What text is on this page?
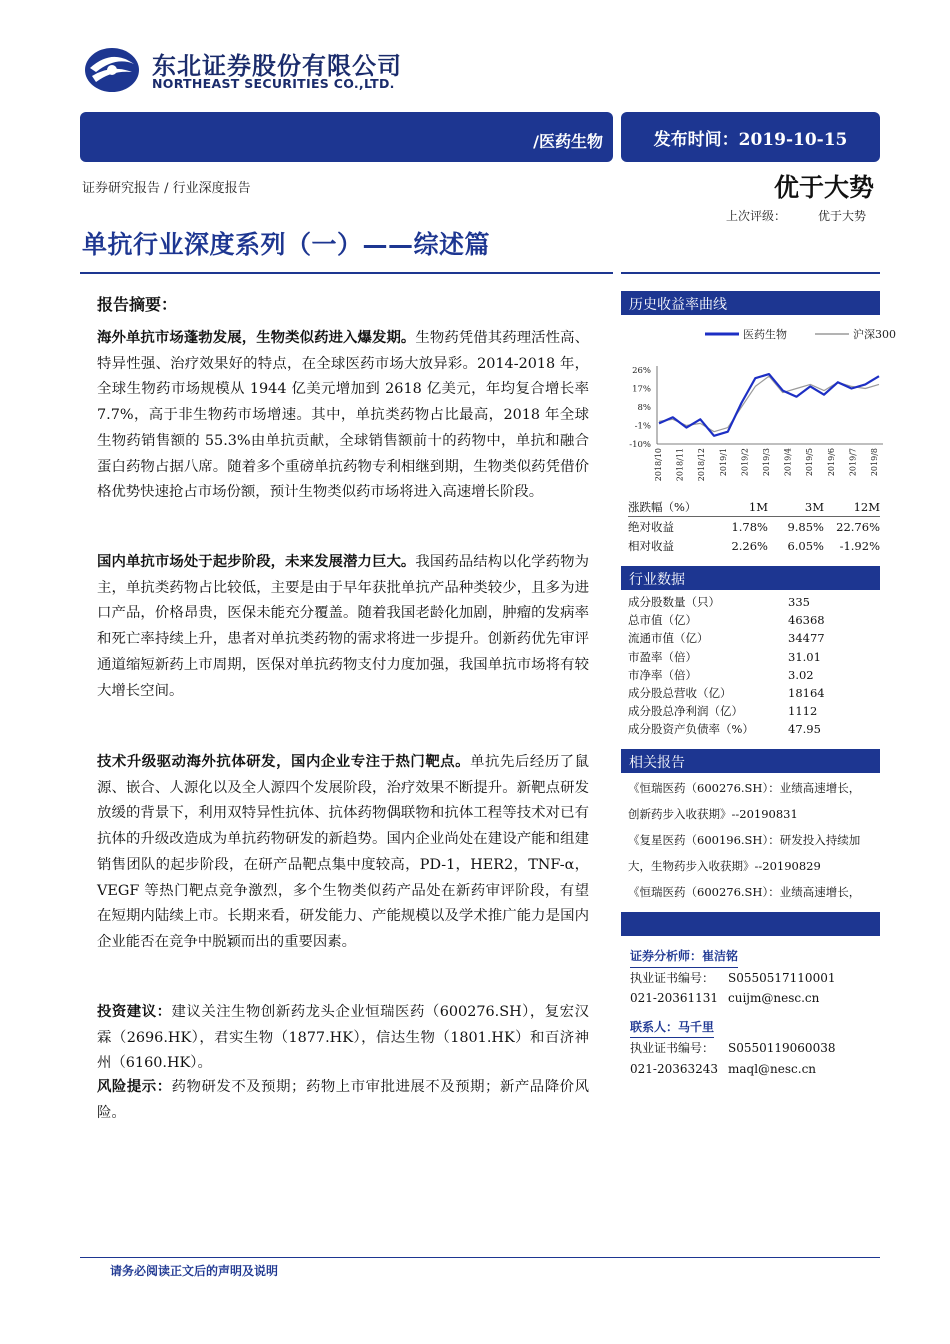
东北证券股份有限公司
NORTHEAST SECURITIES CO.,LTD.
/医药生物	发布时间：2019-10-15
证券研究报告 / 行业深度报告	优于大势
上次评级：	优于大势
单抗行业深度系列（一）——综述篇
报告摘要：
海外单抗市场蓬勃发展，生物类似药进入爆发期。生物药凭借其药理活性高、特异性强、治疗效果好的特点，在全球医药市场大放异彩。2014-2018 年，全球生物药市场规模从 1944 亿美元增加到 2618 亿美元，年均复合增长率 7.7%，高于非生物药市场增速。其中，单抗类药物占比最高，2018 年全球生物药销售额的 55.3%由单抗贡献，全球销售额前十的药物中，单抗和融合蛋白药物占据八席。随着多个重磅单抗药物专利相继到期，生物类似药凭借价格优势快速抢占市场份额，预计生物类似药市场将进入高速增长阶段。
国内单抗市场处于起步阶段，未来发展潜力巨大。我国药品结构以化学药物为主，单抗类药物占比较低，主要是由于早年获批单抗产品种类较少，且多为进口产品，价格昂贵，医保未能充分覆盖。随着我国老龄化加剧，肿瘤的发病率和死亡率持续上升，患者对单抗类药物的需求将进一步提升。创新药优先审评通道缩短新药上市周期，医保对单抗药物支付力度加强，我国单抗市场将有较大增长空间。
技术升级驱动海外抗体研发，国内企业专注于热门靶点。单抗先后经历了鼠源、嵌合、人源化以及全人源四个发展阶段，治疗效果不断提升。新靶点研发放缓的背景下，利用双特异性抗体、抗体药物偶联物和抗体工程等技术对已有抗体的升级改造成为单抗药物研发的新趋势。国内企业尚处在建设产能和组建销售团队的起步阶段，在研产品靶点集中度较高，PD-1，HER2，TNF-α，VEGF 等热门靶点竞争激烈，多个生物类似药产品处在新药审评阶段，有望在短期内陆续上市。长期来看，研发能力、产能规模以及学术推广能力是国内企业能否在竞争中脱颖而出的重要因素。
投资建议：建议关注生物创新药龙头企业恒瑞医药（600276.SH），复宏汉霖（2696.HK），君实生物（1877.HK），信达生物（1801.HK）和百济神州（6160.HK）。
风险提示：药物研发不及预期；药物上市审批进展不及预期；新产品降价风险。
历史收益率曲线
医药生物	沪深300
26%
17%
8%
-1%
-10%
2018/10 2018/11 2018/12 2019/1 2019/2 2019/3 2019/4 2019/5 2019/6 2019/7 2019/8
涨跌幅（%）	1M	3M	12M
绝对收益	1.78%	9.85%	22.76%
相对收益	2.26%	6.05%	-1.92%
行业数据
成分股数量（只）	335
总市值（亿）	46368
流通市值（亿）	34477
市盈率（倍）	31.01
市净率（倍）	3.02
成分股总营收（亿）	18164
成分股总净利润（亿）	1112
成分股资产负债率（%）	47.95
相关报告
《恒瑞医药（600276.SH）：业绩高速增长，
创新药步入收获期》--20190831
《复星医药（600196.SH）：研发投入持续加
大，生物药步入收获期》--20190829
《恒瑞医药（600276.SH）：业绩高速增长，
证券分析师：崔洁铭
执业证书编号：	S0550517110001
021-20361131 cuijm@nesc.cn
联系人：马千里
执业证书编号：	S0550119060038
021-20363243 maql@nesc.cn
请务必阅读正文后的声明及说明
